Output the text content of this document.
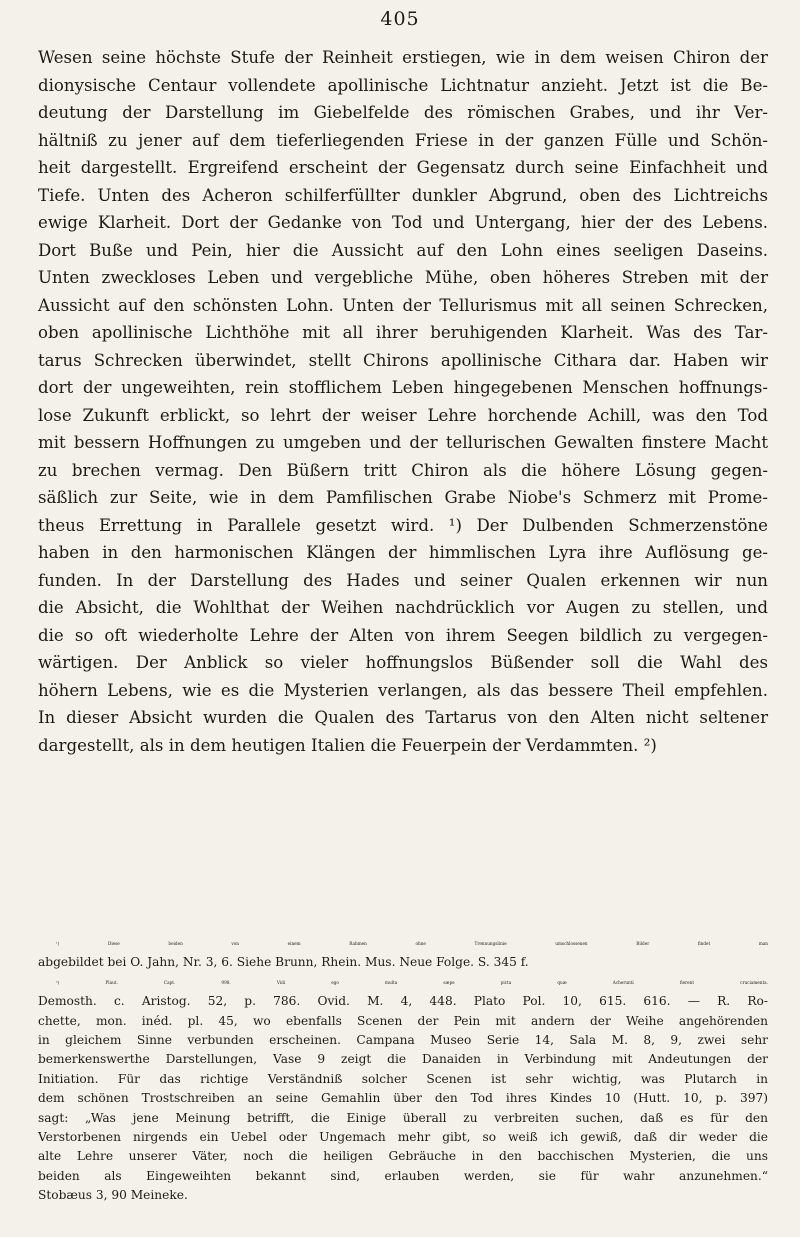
405
Wesen seine höchste Stufe der Reinheit erstiegen, wie in dem weisen Chiron der
dionysische Centaur vollendete apollinische Lichtnatur anzieht. Jetzt ist die Be-
deutung der Darstellung im Giebelfelde des römischen Grabes, und ihr Ver-
hältniß zu jener auf dem tieferliegenden Friese in der ganzen Fülle und Schön-
heit dargestellt. Ergreifend erscheint der Gegensatz durch seine Einfachheit und
Tiefe. Unten des Acheron schilferfüllter dunkler Abgrund, oben des Lichtreichs
ewige Klarheit. Dort der Gedanke von Tod und Untergang, hier der des Lebens.
Dort Buße und Pein, hier die Aussicht auf den Lohn eines seeligen Daseins.
Unten zweckloses Leben und vergebliche Mühe, oben höheres Streben mit der
Aussicht auf den schönsten Lohn. Unten der Tellurismus mit all seinen Schrecken,
oben apollinische Lichthöhe mit all ihrer beruhigenden Klarheit. Was des Tar-
tarus Schrecken überwindet, stellt Chirons apollinische Cithara dar. Haben wir
dort der ungeweihten, rein stofflichem Leben hingegebenen Menschen hoffnungs-
lose Zukunft erblickt, so lehrt der weiser Lehre horchende Achill, was den Tod
mit bessern Hoffnungen zu umgeben und der tellurischen Gewalten finstere Macht
zu brechen vermag. Den Büßern tritt Chiron als die höhere Lösung gegen-
säßlich zur Seite, wie in dem Pamfilischen Grabe Niobe's Schmerz mit Prome-
theus Errettung in Parallele gesetzt wird. ¹) Der Dulbenden Schmerzenstöne
haben in den harmonischen Klängen der himmlischen Lyra ihre Auflösung ge-
funden. In der Darstellung des Hades und seiner Qualen erkennen wir nun
die Absicht, die Wohlthat der Weihen nachdrücklich vor Augen zu stellen, und
die so oft wiederholte Lehre der Alten von ihrem Seegen bildlich zu vergegen-
wärtigen. Der Anblick so vieler hoffnungslos Büßender soll die Wahl des
höhern Lebens, wie es die Mysterien verlangen, als das bessere Theil empfehlen.
In dieser Absicht wurden die Qualen des Tartarus von den Alten nicht seltener
dargestellt, als in dem heutigen Italien die Feuerpein der Verdammten. ²)
¹) Diese beiden von einem Rahmen ohne Trennungslinie umschlossenen Bilder findet man
abgebildet bei O. Jahn, Nr. 3, 6. Siehe Brunn, Rhein. Mus. Neue Folge. S. 345 f.
²) Plaut. Capt. 998. Vidi ego multa sæpe picta quæ Acherunti fierent cruciamenta.
Demosth. c. Aristog. 52, p. 786. Ovid. M. 4, 448. Plato Pol. 10, 615. 616. — R. Ro-
chette, mon. inéd. pl. 45, wo ebenfalls Scenen der Pein mit andern der Weihe angehörenden
in gleichem Sinne verbunden erscheinen. Campana Museo Serie 14, Sala M. 8, 9, zwei sehr
bemerkenswerthe Darstellungen, Vase 9 zeigt die Danaiden in Verbindung mit Andeutungen der
Initiation. Für das richtige Verständniß solcher Scenen ist sehr wichtig, was Plutarch in
dem schönen Trostschreiben an seine Gemahlin über den Tod ihres Kindes 10 (Hutt. 10, p. 397)
sagt: „Was jene Meinung betrifft, die Einige überall zu verbreiten suchen, daß es für den
Verstorbenen nirgends ein Uebel oder Ungemach mehr gibt, so weiß ich gewiß, daß dir weder die
alte Lehre unserer Väter, noch die heiligen Gebräuche in den bacchischen Mysterien, die uns
beiden als Eingeweihten bekannt sind, erlauben werden, sie für wahr anzunehmen.“
Stobæus 3, 90 Meineke.
